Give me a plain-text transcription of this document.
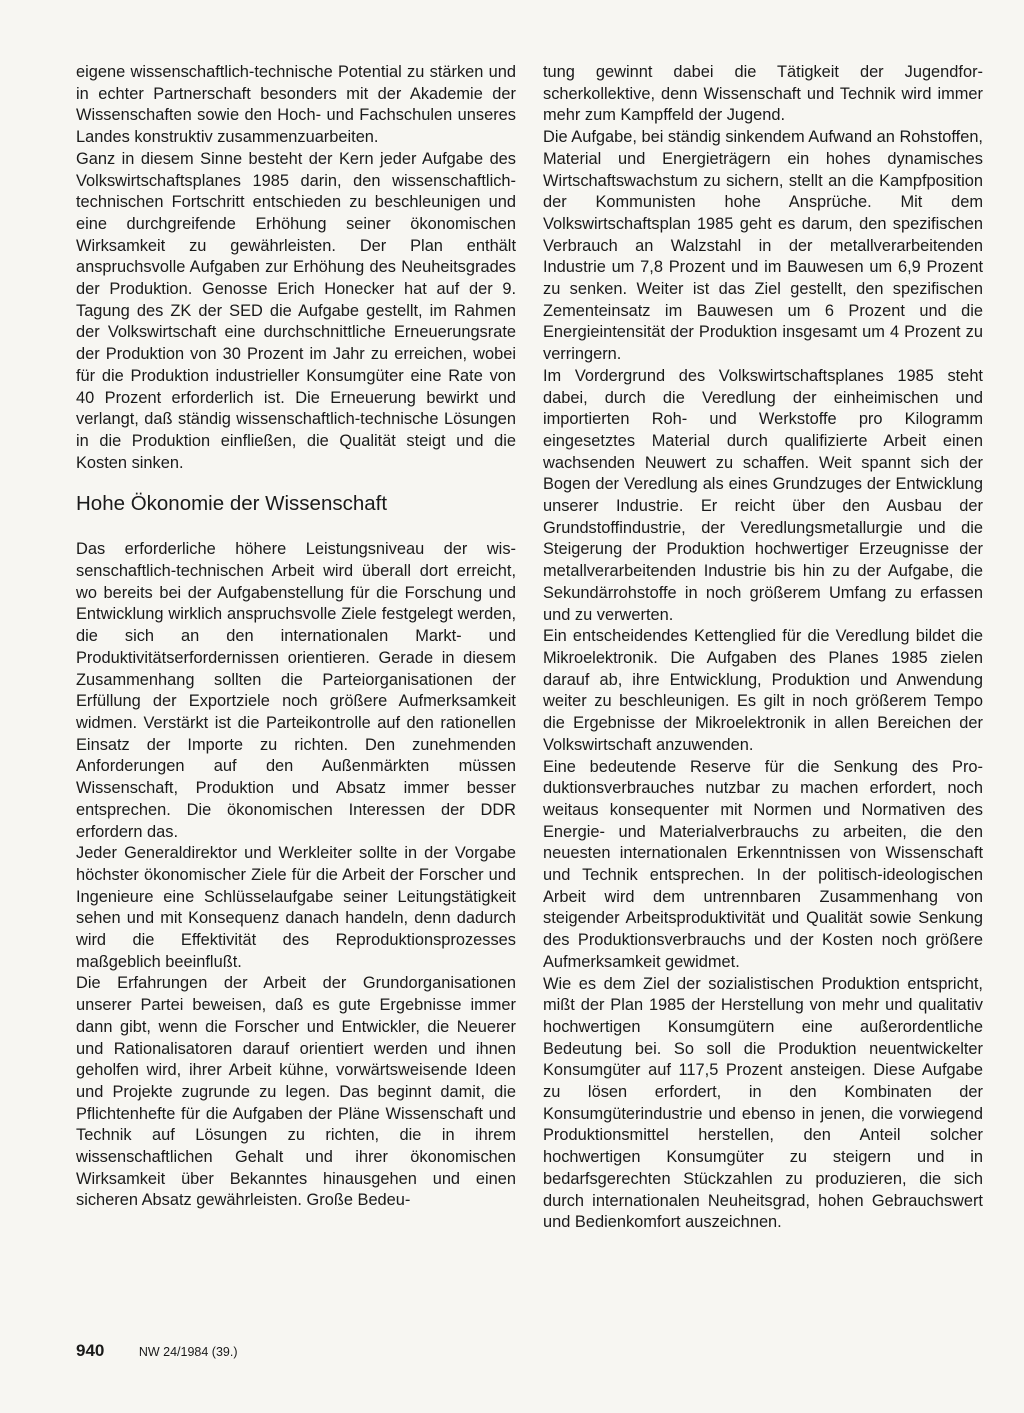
eigene wissenschaftlich-technische Potential zu stärken und in echter Partnerschaft besonders mit der Akademie der Wissenschaften sowie den Hoch- und Fachschulen unseres Landes konstruktiv zusammenzuarbeiten.

Ganz in diesem Sinne besteht der Kern jeder Aufgabe des Volkswirtschaftsplanes 1985 darin, den wissenschaftlich-technischen Fortschritt entschieden zu beschleunigen und eine durchgreifende Erhöhung seiner ökonomischen Wirksamkeit zu gewährleisten. Der Plan enthält anspruchsvolle Aufgaben zur Erhöhung des Neuheitsgrades der Produktion. Genosse Erich Honecker hat auf der 9. Tagung des ZK der SED die Aufgabe gestellt, im Rahmen der Volkswirtschaft eine durchschnittliche Erneuerungsrate der Produktion von 30 Prozent im Jahr zu erreichen, wobei für die Produktion industrieller Konsumgüter eine Rate von 40 Prozent erforderlich ist. Die Erneuerung bewirkt und verlangt, daß ständig wissenschaftlich-technische Lösungen in die Produktion einfließen, die Qualität steigt und die Kosten sinken.

Hohe Ökonomie der Wissenschaft

Das erforderliche höhere Leistungsniveau der wissenschaftlich-technischen Arbeit wird überall dort erreicht, wo bereits bei der Aufgabenstellung für die Forschung und Entwicklung wirklich anspruchsvolle Ziele festgelegt werden, die sich an den internationalen Markt- und Produktivitätserfordernissen orientieren. Gerade in diesem Zusammenhang sollten die Parteiorganisationen der Erfüllung der Exportziele noch größere Aufmerksamkeit widmen. Verstärkt ist die Parteikontrolle auf den rationellen Einsatz der Importe zu richten. Den zunehmenden Anforderungen auf den Außenmärkten müssen Wissenschaft, Produktion und Absatz immer besser entsprechen. Die ökonomischen Interessen der DDR erfordern das.

Jeder Generaldirektor und Werkleiter sollte in der Vorgabe höchster ökonomischer Ziele für die Arbeit der Forscher und Ingenieure eine Schlüsselaufgabe seiner Leitungstätigkeit sehen und mit Konsequenz danach handeln, denn dadurch wird die Effektivität des Reproduktionsprozesses maßgeblich beeinflußt.

Die Erfahrungen der Arbeit der Grundorganisationen unserer Partei beweisen, daß es gute Ergebnisse immer dann gibt, wenn die Forscher und Entwickler, die Neuerer und Rationalisatoren darauf orientiert werden und ihnen geholfen wird, ihrer Arbeit kühne, vorwärtsweisende Ideen und Projekte zugrunde zu legen. Das beginnt damit, die Pflichtenhefte für die Aufgaben der Pläne Wissenschaft und Technik auf Lösungen zu richten, die in ihrem wissenschaftlichen Gehalt und ihrer ökonomischen Wirksamkeit über Bekanntes hinausgehen und einen sicheren Absatz gewährleisten. Große Bedeu-

tung gewinnt dabei die Tätigkeit der Jugendforscherkollektive, denn Wissenschaft und Technik wird immer mehr zum Kampffeld der Jugend.

Die Aufgabe, bei ständig sinkendem Aufwand an Rohstoffen, Material und Energieträgern ein hohes dynamisches Wirtschaftswachstum zu sichern, stellt an die Kampfposition der Kommunisten hohe Ansprüche. Mit dem Volkswirtschaftsplan 1985 geht es darum, den spezifischen Verbrauch an Walzstahl in der metallverarbeitenden Industrie um 7,8 Prozent und im Bauwesen um 6,9 Prozent zu senken. Weiter ist das Ziel gestellt, den spezifischen Zementeinsatz im Bauwesen um 6 Prozent und die Energieintensität der Produktion insgesamt um 4 Prozent zu verringern.

Im Vordergrund des Volkswirtschaftsplanes 1985 steht dabei, durch die Veredlung der einheimischen und importierten Roh- und Werkstoffe pro Kilogramm eingesetztes Material durch qualifizierte Arbeit einen wachsenden Neuwert zu schaffen. Weit spannt sich der Bogen der Veredlung als eines Grundzuges der Entwicklung unserer Industrie. Er reicht über den Ausbau der Grundstoffindustrie, der Veredlungsmetallurgie und die Steigerung der Produktion hochwertiger Erzeugnisse der metallverarbeitenden Industrie bis hin zu der Aufgabe, die Sekundärrohstoffe in noch größerem Umfang zu erfassen und zu verwerten.

Ein entscheidendes Kettenglied für die Veredlung bildet die Mikroelektronik. Die Aufgaben des Planes 1985 zielen darauf ab, ihre Entwicklung, Produktion und Anwendung weiter zu beschleunigen. Es gilt in noch größerem Tempo die Ergebnisse der Mikroelektronik in allen Bereichen der Volkswirtschaft anzuwenden.

Eine bedeutende Reserve für die Senkung des Produktionsverbrauches nutzbar zu machen erfordert, noch weitaus konsequenter mit Normen und Normativen des Energie- und Materialverbrauchs zu arbeiten, die den neuesten internationalen Erkenntnissen von Wissenschaft und Technik entsprechen. In der politisch-ideologischen Arbeit wird dem untrennbaren Zusammenhang von steigender Arbeitsproduktivität und Qualität sowie Senkung des Produktionsverbrauchs und der Kosten noch größere Aufmerksamkeit gewidmet.

Wie es dem Ziel der sozialistischen Produktion entspricht, mißt der Plan 1985 der Herstellung von mehr und qualitativ hochwertigen Konsumgütern eine außerordentliche Bedeutung bei. So soll die Produktion neuentwickelter Konsumgüter auf 117,5 Prozent ansteigen. Diese Aufgabe zu lösen erfordert, in den Kombinaten der Konsumgüterindustrie und ebenso in jenen, die vorwiegend Produktionsmittel herstellen, den Anteil solcher hochwertigen Konsumgüter zu steigern und in bedarfsgerechten Stückzahlen zu produzieren, die sich durch internationalen Neuheitsgrad, hohen Gebrauchswert und Bedienkomfort auszeichnen.

940	NW 24/1984 (39.)
